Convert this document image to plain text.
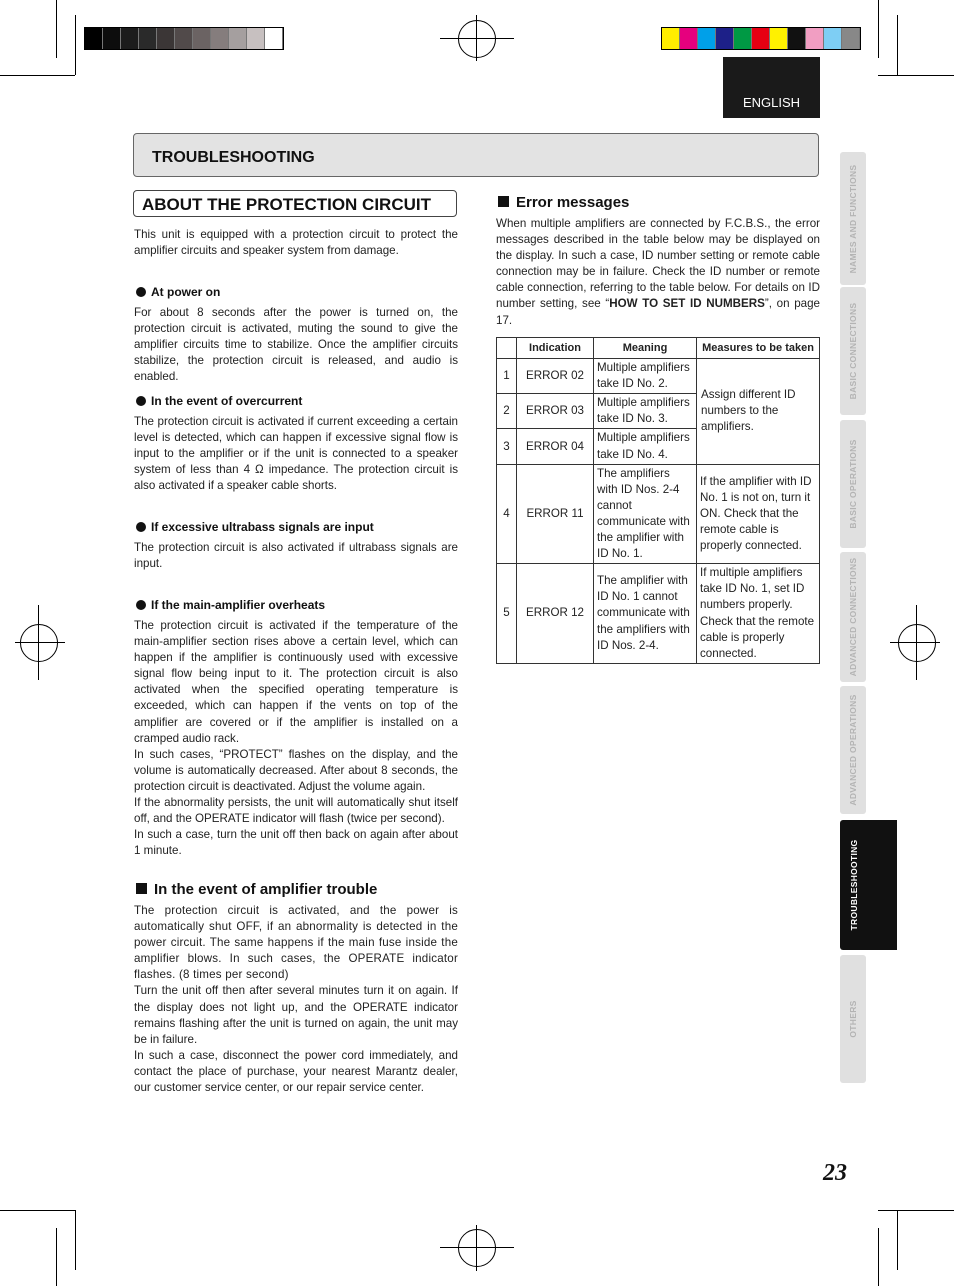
ENGLISH
TROUBLESHOOTING
NAMES AND FUNCTIONS
BASIC CONNECTIONS
BASIC OPERATIONS
ADVANCED CONNECTIONS
ADVANCED OPERATIONS
TROUBLESHOOTING
OTHERS
ABOUT THE PROTECTION CIRCUIT
This unit is equipped with a protection circuit to protect the amplifier circuits and speaker system from damage.
At power on
For about 8 seconds after the power is turned on, the protection circuit is activated, muting the sound to give the amplifier circuits time to stabilize. Once the amplifier circuits stabilize, the protection circuit is released, and audio is enabled.
In the event of overcurrent
The protection circuit is activated if current exceeding a certain level is detected, which can happen if excessive signal flow is input to the amplifier or if the unit is connected to a speaker system of less than 4 Ω impedance. The protection circuit is also activated if a speaker cable shorts.
If excessive ultrabass signals are input
The protection circuit is also activated if ultrabass signals are input.
If the main-amplifier overheats
The protection circuit is activated if the temperature of the main-amplifier section rises above a certain level, which can happen if the amplifier is continuously used with excessive signal flow being input to it. The protection circuit is also activated when the specified operating temperature is exceeded, which can happen if the vents on top of the amplifier are covered or if the amplifier is installed on a cramped audio rack.
In such cases, “PROTECT” flashes on the display, and the volume is automatically decreased. After about 8 seconds, the protection circuit is deactivated. Adjust the volume again.
If the abnormality persists, the unit will automatically shut itself off, and the OPERATE indicator will flash (twice per second).
In such a case, turn the unit off then back on again after about 1 minute.
In the event of amplifier trouble
The protection circuit is activated, and the power is automatically shut OFF, if an abnormality is detected in the power circuit. The same happens if the main fuse inside the amplifier blows. In such cases, the OPERATE indicator flashes. (8 times per second)
Turn the unit off then after several minutes turn it on again. If the display does not light up, and the OPERATE indicator remains flashing after the unit is turned on again, the unit may be in failure.
In such a case, disconnect the power cord immediately, and contact the place of purchase, your nearest Marantz dealer, our customer service center, or our repair service center.
Error messages
When multiple amplifiers are connected by F.C.B.S., the error messages described in the table below may be displayed on the display. In such a case, ID number setting or remote cable connection may be in failure. Check the ID number or remote cable connection, referring to the table below. For details on ID number setting, see “HOW TO SET ID NUMBERS”, on page 17.
	Indication	Meaning	Measures to be taken
1	ERROR 02	Multiple amplifiers take ID No. 2.	Assign different ID numbers to the amplifiers.
2	ERROR 03	Multiple amplifiers take ID No. 3.	
3	ERROR 04	Multiple amplifiers take ID No. 4.	
4	ERROR 11	The amplifiers with ID Nos. 2-4 cannot communicate with the amplifier with ID No. 1.	If the amplifier with ID No. 1 is not on, turn it ON. Check that the remote cable is properly connected.
5	ERROR 12	The amplifier with ID No. 1 cannot communicate with the amplifiers with ID Nos. 2-4.	If multiple amplifiers take ID No. 1, set ID numbers properly. Check that the remote cable is properly connected.
23
